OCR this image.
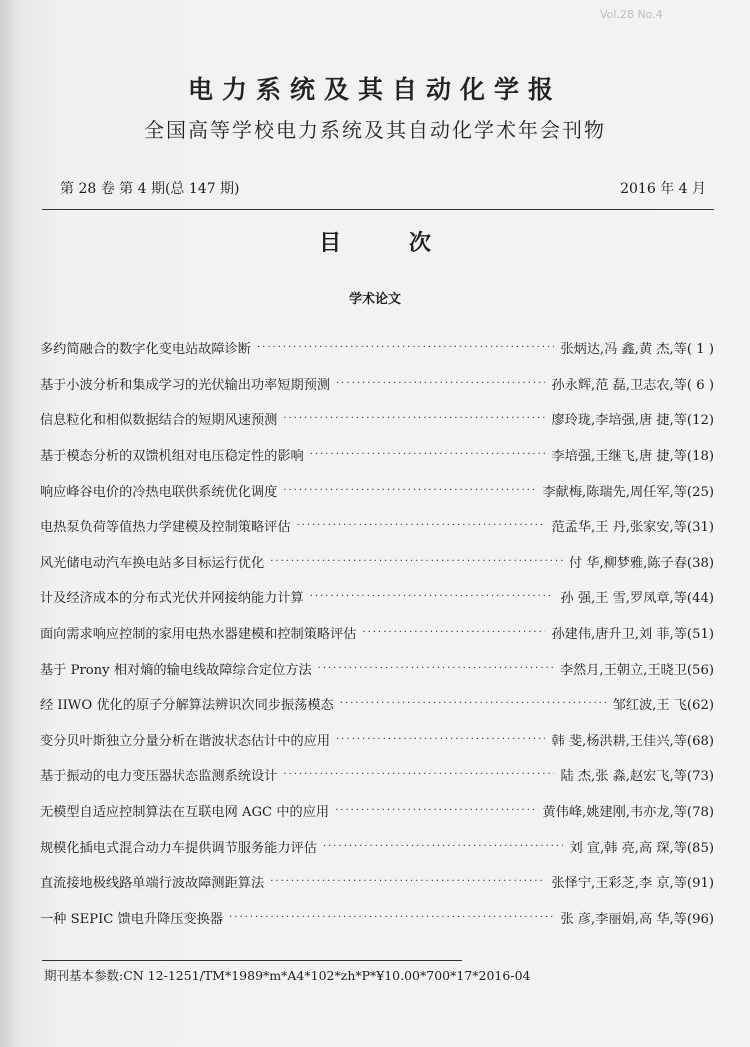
Vol.28 No.4
电力系统及其自动化学报
全国高等学校电力系统及其自动化学术年会刊物
第 28 卷 第 4 期(总 147 期)	2016 年 4 月
目 次
学术论文
多约简融合的数字化变电站故障诊断 ·····	张炳达,冯 鑫,黄 杰,等( 1 )
基于小波分析和集成学习的光伏输出功率短期预测 ·····	孙永辉,范 磊,卫志农,等( 6 )
信息粒化和相似数据结合的短期风速预测 ·····	廖玲珑,李培强,唐 捷,等(12)
基于模态分析的双馈机组对电压稳定性的影响 ·····	李培强,王继飞,唐 捷,等(18)
响应峰谷电价的冷热电联供系统优化调度 ·····	李献梅,陈瑞先,周任军,等(25)
电热泵负荷等值热力学建模及控制策略评估 ·····	范孟华,王 丹,张家安,等(31)
风光储电动汽车换电站多目标运行优化 ·····	付 华,柳梦雅,陈子春(38)
计及经济成本的分布式光伏并网接纳能力计算 ·····	孙 强,王 雪,罗凤章,等(44)
面向需求响应控制的家用电热水器建模和控制策略评估 ·····	孙建伟,唐升卫,刘 菲,等(51)
基于 Prony 相对熵的输电线故障综合定位方法 ·····	李然月,王朝立,王晓卫(56)
经 IIWO 优化的原子分解算法辨识次同步振荡模态 ·····	邹红波,王 飞(62)
变分贝叶斯独立分量分析在谐波状态估计中的应用 ·····	韩 斐,杨洪耕,王佳兴,等(68)
基于振动的电力变压器状态监测系统设计 ·····	陆 杰,张 淼,赵宏飞,等(73)
无模型自适应控制算法在互联电网 AGC 中的应用 ·····	黄伟峰,姚建刚,韦亦龙,等(78)
规模化插电式混合动力车提供调节服务能力评估 ·····	刘 宣,韩 亮,高 琛,等(85)
直流接地极线路单端行波故障测距算法 ·····	张怿宁,王彩芝,李 京,等(91)
一种 SEPIC 馈电升降压变换器 ·····	张 彦,李丽娟,高 华,等(96)
期刊基本参数:CN 12-1251/TM*1989*m*A4*102*zh*P*¥10.00*700*17*2016-04
